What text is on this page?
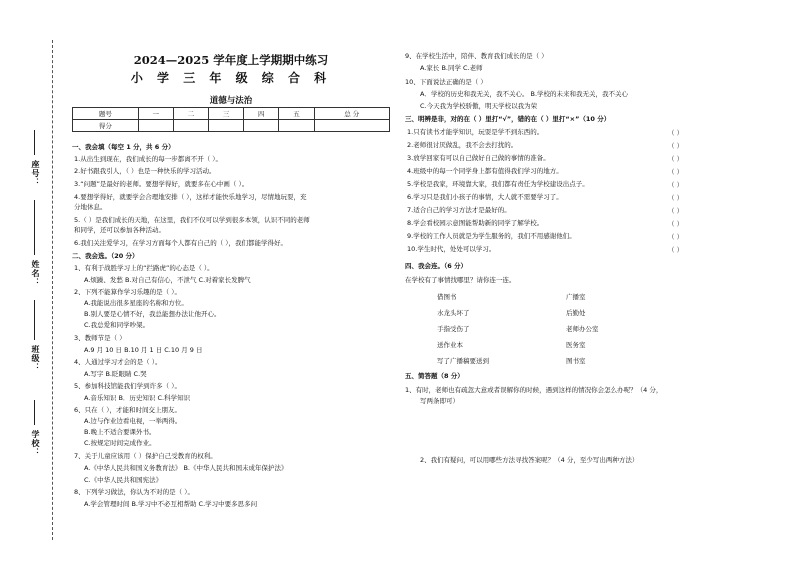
学校：
班级：
姓名：
座号：
2024—2025 学年度上学期期中练习
小 学 三 年 级 综 合 科
道德与法治
题号	一	二	三	四	五	总 分
得分						
一、我会填（每空 1 分，共 6 分）
1.从出生到现在，我们成长的每一步都离不开（ ）。
2.好书跟我引人，（ ）也是一种快乐的学习活动。
3.“问题”是最好的老师。要想学得好，就要多在心中画（ ）。
4.要想学得好，就要学会合理地安排（ ），这样才能快乐地学习，尽情地玩耍，充
分地休息。
5.（ ）是我们成长的天地，在这里，我们不仅可以学到很多本领，认识不同的老师
和同学，还可以参加各种活动。
6.我们关注爱学习，在学习方面每个人都有自己的（ ），我们都能学得好。
二、我会选。（20 分）
1、有利于战胜学习上的“拦路虎”的心态是（ ）。
A.烦躁、发愁 B.对自己有信心，不泄气 C.对着家长发脾气
2、下列不能算作学习乐趣的是（ ）。
A.我能说出很多星座的名称和方位。
B.别人要是心情不好，我总能想办法让他开心。
C.我总爱和同学吵架。
3、教师节是（ ）
A.9 月 10 日 B.10 月 1 日 C.10 月 9 日
4、人通过学习才会的是（ ）。
A.写字 B.眨眼睛 C.哭
5、参加科技馆能我们学到许多（ ）。
A.音乐知识 B．历史知识 C.科学知识
6、只在（ ），才能和时间交上朋友。
A.边与作业边看电视，一举两得。
B.晚上不适合要课外书。
C.按规定时间完成作业。
7、关于儿童应该用（ ）保护自己受教育的权利。
A.《中华人民共和国义务教育法》 B.《中华人民共和国未成年保护法》
C.《中华人民共和国宪法》
8、下列学习做法，你认为不对的是（ ）。
A.学会管理时间 B.学习中不必互相帮助 C.学习中要多思多问
9、在学校生活中，陪伴、教育我们成长的是（ ）
A.家长 B.同学 C.老师
10、下面说法正确的是（ ）
A．学校的历史和我无关，我不关心。 B.学校的未来和我无关，我不关心
C.今天我为学校骄傲，明天学校以我为荣
三、明辨是非，对的在（ ）里打“√”，错的在（ ）里打“×”（10 分）
1.只有读书才能学知识，玩耍是学不到东西的。	（ ）
2.老师很讨厌做乱，我不会去打扰的。	（ ）
3.放学回家有可以自己做好自己做的事情的准备。	（ ）
4.班级中的每一个同学身上都有值得我们学习的地方。	（ ）
5.学校是我家，环境靠大家，我们都有责任为学校建设出点子。	（ ）
6.学习只是我们小孩子的事情，大人就不需要学习了。	（ ）
7.适合自己的学习方法才是最好的。	（ ）
8.学会看校园示意图能帮助新的同学了解学校。	（ ）
9.学校的工作人员就是为学生服务的，我们不用感谢他们。	（ ）
10.学生时代，处处可以学习。	（ ）
四、我会连。（6 分）
在学校有了事情找哪里？请你连一连。
借图书
水龙头坏了
手指受伤了
送作业本
写了广播稿要送到
广播室
后勤处
老师办公室
医务室
图书室
五、简答题（8 分）
1、有时，老师也有疏忽大意或者误解你的时候，遇到这样的情况你会怎么办呢？（4 分，
写两条即可）
2、我们有疑问，可以用哪些方法寻找答案呢？（4 分，至少写出两种方法）
